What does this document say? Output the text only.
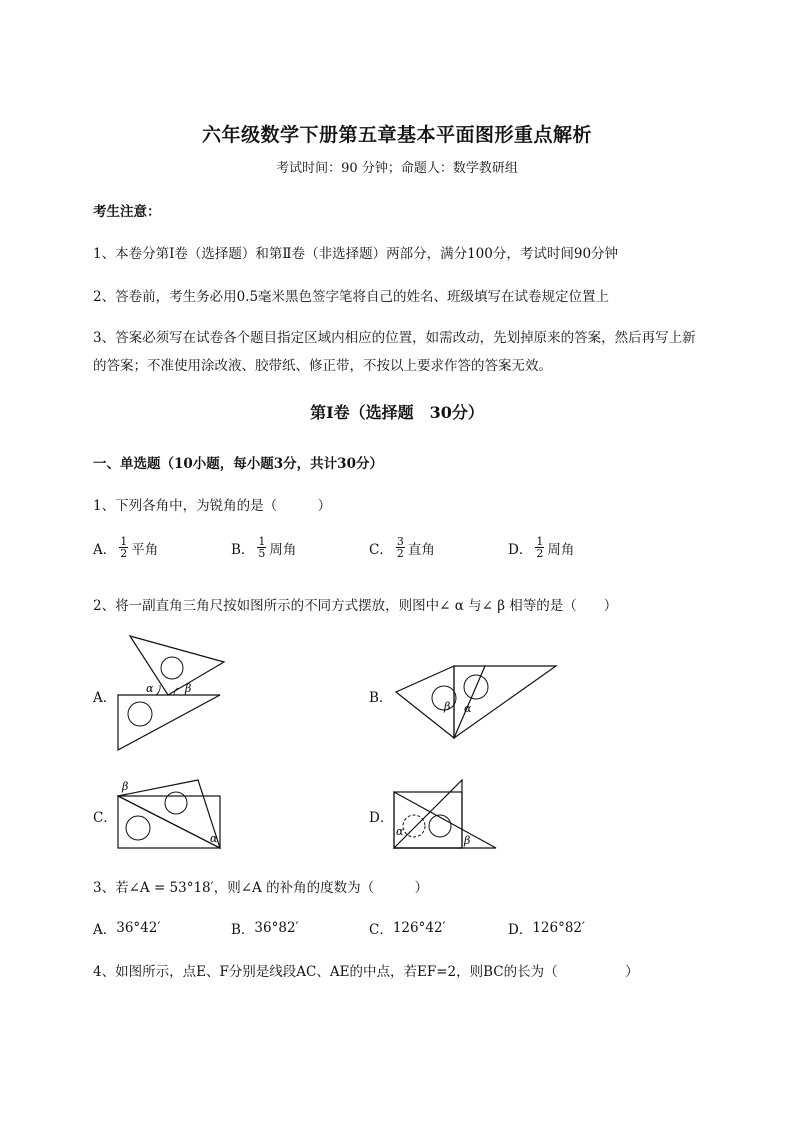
六年级数学下册第五章基本平面图形重点解析
考试时间：90 分钟；命题人：数学教研组
考生注意：
1、本卷分第Ⅰ卷（选择题）和第Ⅱ卷（非选择题）两部分，满分100分，考试时间90分钟
2、答卷前，考生务必用0.5毫米黑色签字笔将自己的姓名、班级填写在试卷规定位置上
3、答案必须写在试卷各个题目指定区域内相应的位置，如需改动，先划掉原来的答案，然后再写上新
的答案；不准使用涂改液、胶带纸、修正带，不按以上要求作答的答案无效。
第Ⅰ卷（选择题　30分）
一、单选题（10小题，每小题3分，共计30分）
1、下列各角中，为锐角的是（　　　）
A． $\frac{1}{2}$ 平角	B． $\frac{1}{5}$ 周角	C． $\frac{3}{2}$ 直角	D． $\frac{1}{2}$ 周角
2、将一副直角三角尺按如图所示的不同方式摆放，则图中∠ α 与∠ β 相等的是（　　）
A．
α	β
B．
β α
C．
β
α
D．
α
β
3、若∠A = 53°18′，则∠A 的补角的度数为（　　　）
A． 36°42′	B． 36°82′	C． 126°42′	D． 126°82′
4、如图所示，点E、F分别是线段AC、AE的中点，若EF=2，则BC的长为（　　　　　）
